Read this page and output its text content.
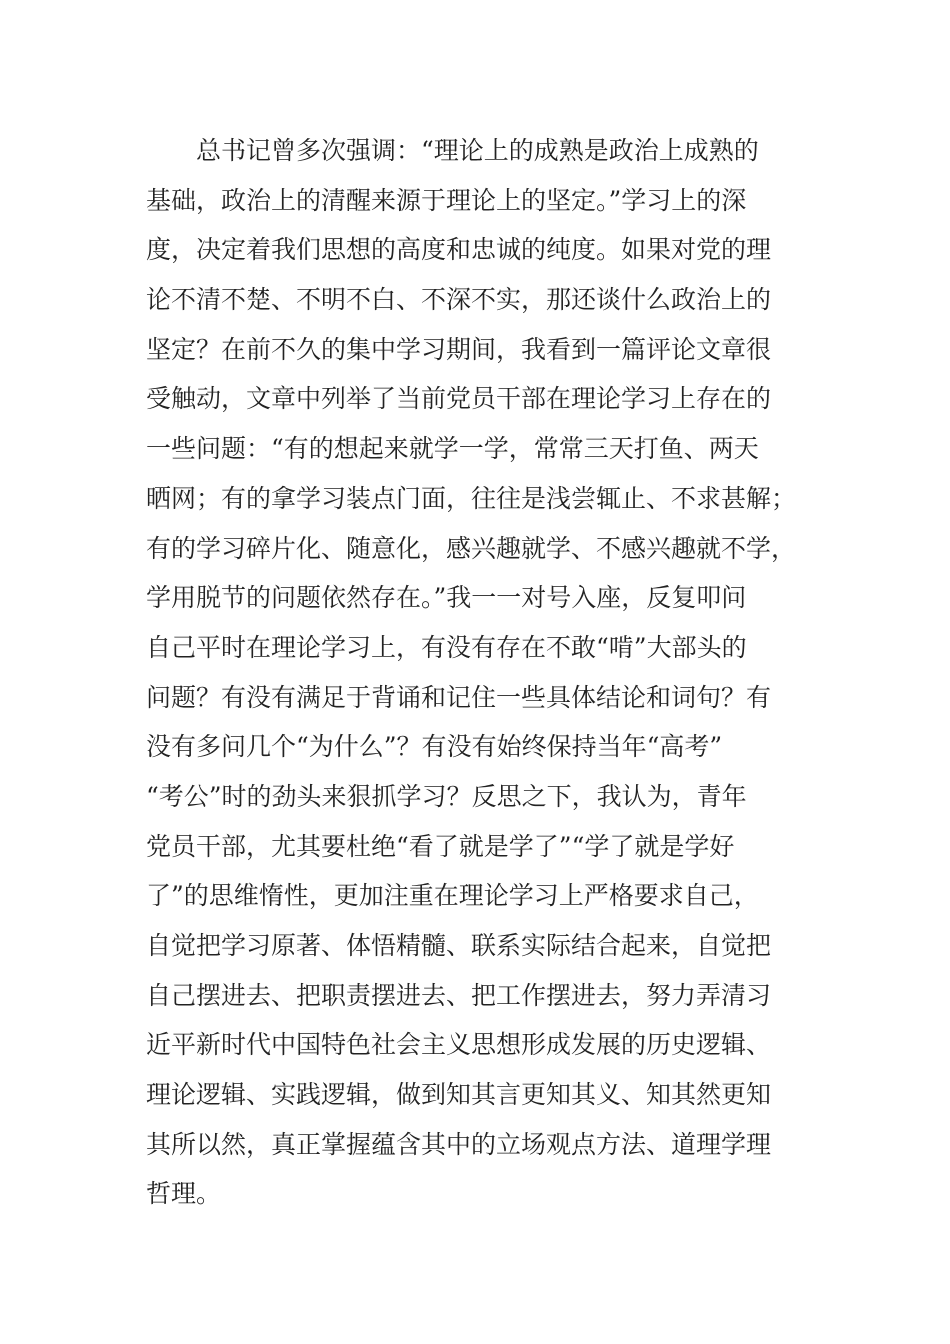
　　总书记曾多次强调：“理论上的成熟是政治上成熟的
基础，政治上的清醒来源于理论上的坚定。”学习上的深
度，决定着我们思想的高度和忠诚的纯度。如果对党的理
论不清不楚、不明不白、不深不实，那还谈什么政治上的
坚定？在前不久的集中学习期间，我看到一篇评论文章很
受触动，文章中列举了当前党员干部在理论学习上存在的
一些问题：“有的想起来就学一学，常常三天打鱼、两天
晒网；有的拿学习装点门面，往往是浅尝辄止、不求甚解；
有的学习碎片化、随意化，感兴趣就学、不感兴趣就不学，
学用脱节的问题依然存在。”我一一对号入座，反复叩问
自己平时在理论学习上，有没有存在不敢“啃”大部头的
问题？有没有满足于背诵和记住一些具体结论和词句？有
没有多问几个“为什么”？有没有始终保持当年“高考”
“考公”时的劲头来狠抓学习？反思之下，我认为，青年
党员干部，尤其要杜绝“看了就是学了”“学了就是学好
了”的思维惰性，更加注重在理论学习上严格要求自己，
自觉把学习原著、体悟精髓、联系实际结合起来，自觉把
自己摆进去、把职责摆进去、把工作摆进去，努力弄清习
近平新时代中国特色社会主义思想形成发展的历史逻辑、
理论逻辑、实践逻辑，做到知其言更知其义、知其然更知
其所以然，真正掌握蕴含其中的立场观点方法、道理学理
哲理。
